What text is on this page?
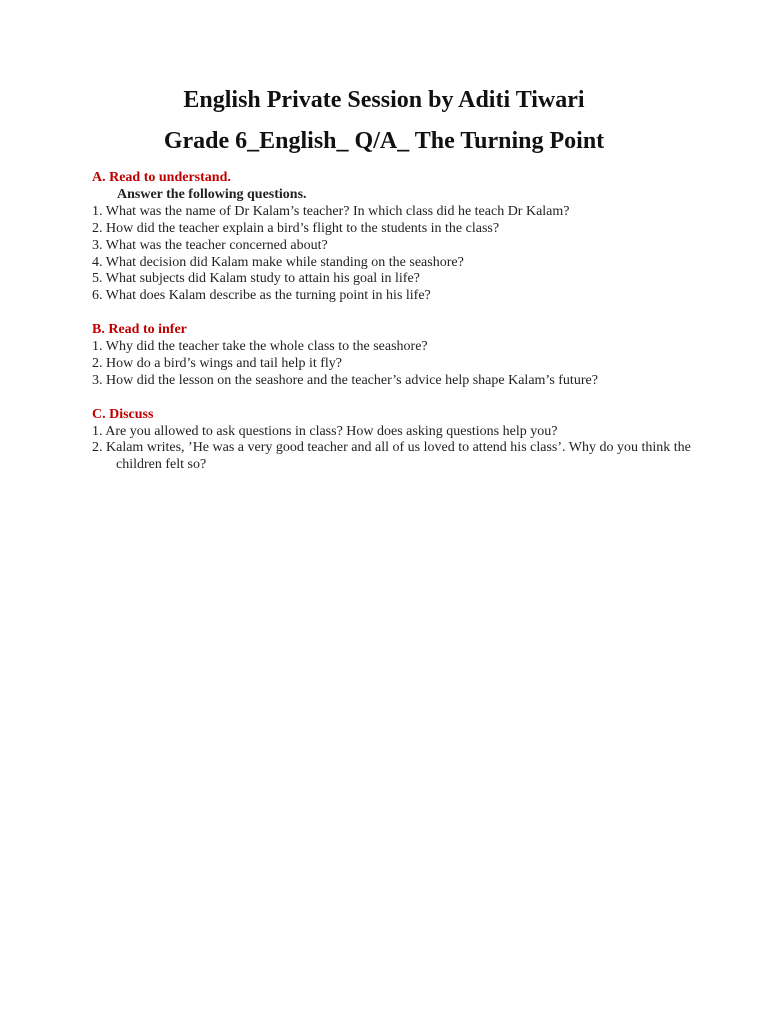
English Private Session by Aditi Tiwari
Grade 6_English_ Q/A_ The Turning Point
A. Read to understand.
Answer the following questions.
1. What was the name of Dr Kalam’s teacher? In which class did he teach Dr Kalam?
2. How did the teacher explain a bird’s flight to the students in the class?
3. What was the teacher concerned about?
4. What decision did Kalam make while standing on the seashore?
5. What subjects did Kalam study to attain his goal in life?
6. What does Kalam describe as the turning point in his life?
B. Read to infer
1. Why did the teacher take the whole class to the seashore?
2. How do a bird’s wings and tail help it fly?
3. How did the lesson on the seashore and the teacher’s advice help shape Kalam’s future?
C. Discuss
1. Are you allowed to ask questions in class? How does asking questions help you?
2. Kalam writes, ’He was a very good teacher and all of us loved to attend his class’. Why do you think the children felt so?
